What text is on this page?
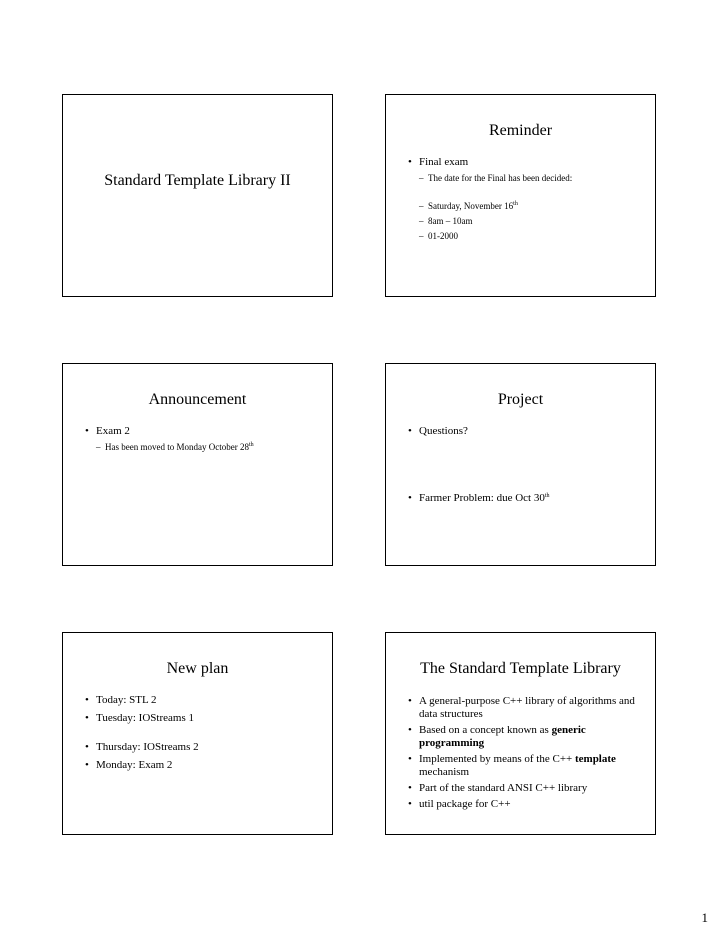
Standard Template Library II
Reminder
• Final exam
– The date for the Final has been decided:
– Saturday, November 16th
– 8am – 10am
– 01-2000
Announcement
• Exam 2
– Has been moved to Monday October 28th
Project
• Questions?
• Farmer Problem: due Oct 30th
New plan
• Today: STL 2
• Tuesday: IOStreams 1
• Thursday: IOStreams 2
• Monday: Exam 2
The Standard Template Library
• A general-purpose C++ library of algorithms and data structures
• Based on a concept known as generic programming
• Implemented by means of the C++ template mechanism
• Part of the standard ANSI C++ library
• util package for C++
1
